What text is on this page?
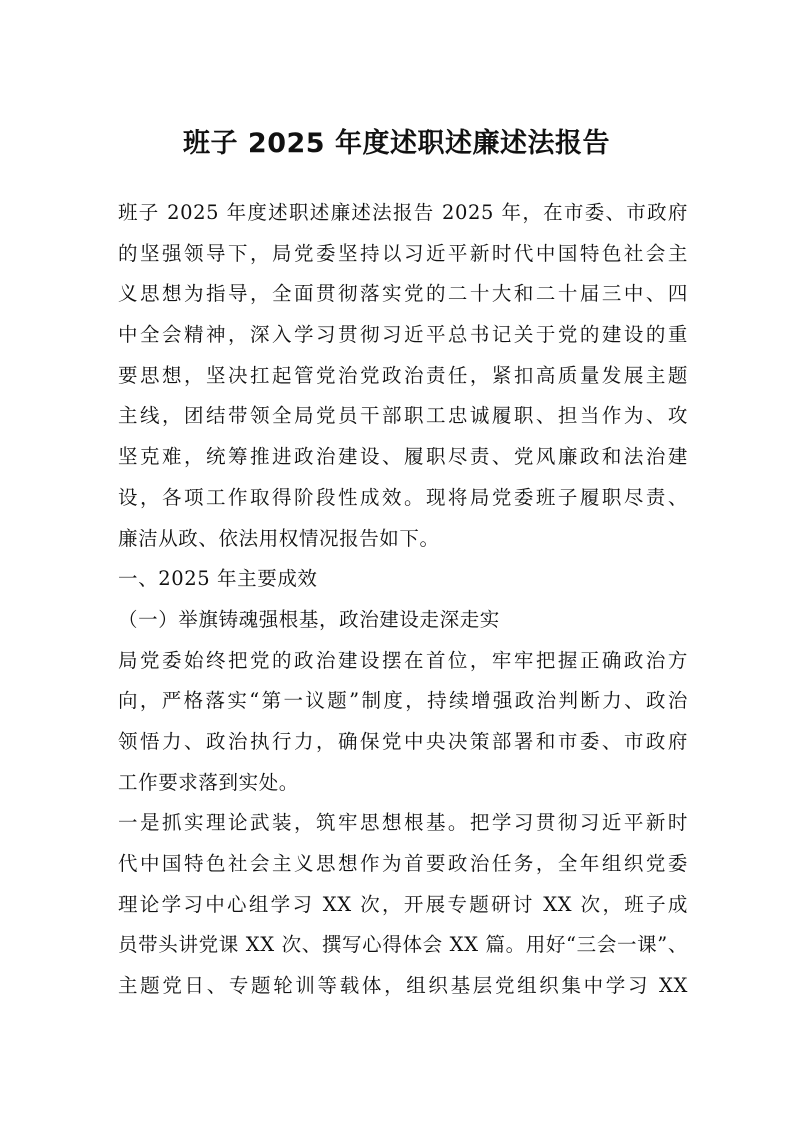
班子 2025 年度述职述廉述法报告
班子 2025 年度述职述廉述法报告 2025 年，在市委、市政府
的坚强领导下，局党委坚持以习近平新时代中国特色社会主
义思想为指导，全面贯彻落实党的二十大和二十届三中、四
中全会精神，深入学习贯彻习近平总书记关于党的建设的重
要思想，坚决扛起管党治党政治责任，紧扣高质量发展主题
主线，团结带领全局党员干部职工忠诚履职、担当作为、攻
坚克难，统筹推进政治建设、履职尽责、党风廉政和法治建
设，各项工作取得阶段性成效。现将局党委班子履职尽责、
廉洁从政、依法用权情况报告如下。
一、2025 年主要成效
（一）举旗铸魂强根基，政治建设走深走实
局党委始终把党的政治建设摆在首位，牢牢把握正确政治方
向，严格落实“第一议题”制度，持续增强政治判断力、政治
领悟力、政治执行力，确保党中央决策部署和市委、市政府
工作要求落到实处。
一是抓实理论武装，筑牢思想根基。把学习贯彻习近平新时
代中国特色社会主义思想作为首要政治任务，全年组织党委
理论学习中心组学习 XX 次，开展专题研讨 XX 次，班子成
员带头讲党课 XX 次、撰写心得体会 XX 篇。用好“三会一课”、
主题党日、专题轮训等载体，组织基层党组织集中学习 XX
